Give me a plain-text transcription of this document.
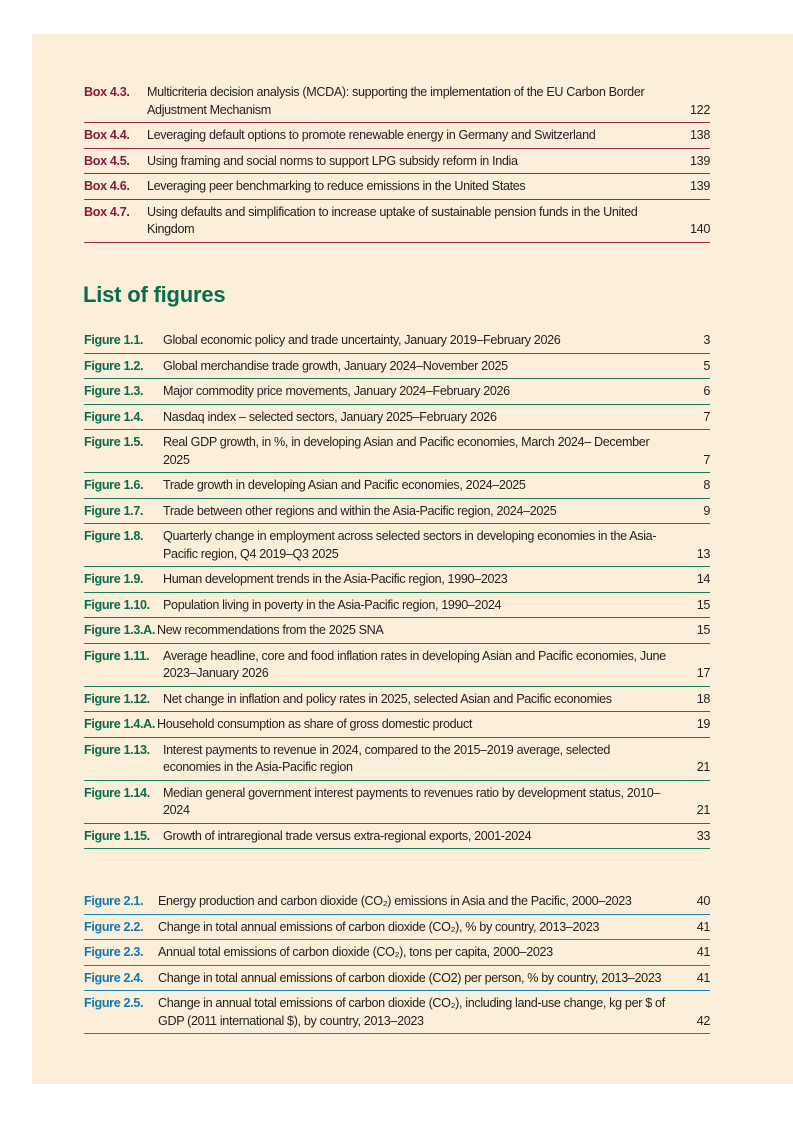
Box 4.3.	Multicriteria decision analysis (MCDA): supporting the implementation of the EU Carbon Border Adjustment Mechanism	122
Box 4.4.	Leveraging default options to promote renewable energy in Germany and Switzerland	138
Box 4.5.	Using framing and social norms to support LPG subsidy reform in India	139
Box 4.6.	Leveraging peer benchmarking to reduce emissions in the United States	139
Box 4.7.	Using defaults and simplification to increase uptake of sustainable pension funds in the United Kingdom	140
List of figures
Figure 1.1.	Global economic policy and trade uncertainty, January 2019–February 2026	3
Figure 1.2.	Global merchandise trade growth, January 2024–November 2025	5
Figure 1.3.	Major commodity price movements, January 2024–February 2026	6
Figure 1.4.	Nasdaq index – selected sectors, January 2025–February 2026	7
Figure 1.5.	Real GDP growth, in %, in developing Asian and Pacific economies, March 2024– December 2025	7
Figure 1.6.	Trade growth in developing Asian and Pacific economies, 2024–2025	8
Figure 1.7.	Trade between other regions and within the Asia-Pacific region, 2024–2025	9
Figure 1.8.	Quarterly change in employment across selected sectors in developing economies in the Asia-Pacific region, Q4 2019–Q3 2025	13
Figure 1.9.	Human development trends in the Asia-Pacific region, 1990–2023	14
Figure 1.10.	Population living in poverty in the Asia-Pacific region, 1990–2024	15
Figure 1.3.A. New recommendations from the 2025 SNA	15
Figure 1.11.	Average headline, core and food inflation rates in developing Asian and Pacific economies, June 2023–January 2026	17
Figure 1.12.	Net change in inflation and policy rates in 2025, selected Asian and Pacific economies	18
Figure 1.4.A. Household consumption as share of gross domestic product	19
Figure 1.13.	Interest payments to revenue in 2024, compared to the 2015–2019 average, selected economies in the Asia-Pacific region	21
Figure 1.14.	Median general government interest payments to revenues ratio by development status, 2010–2024	21
Figure 1.15.	Growth of intraregional trade versus extra-regional exports, 2001-2024	33
Figure 2.1.	Energy production and carbon dioxide (CO₂) emissions in Asia and the Pacific, 2000–2023	40
Figure 2.2.	Change in total annual emissions of carbon dioxide (CO₂), % by country, 2013–2023	41
Figure 2.3.	Annual total emissions of carbon dioxide (CO₂), tons per capita, 2000–2023	41
Figure 2.4.	Change in total annual emissions of carbon dioxide (CO2) per person, % by country, 2013–2023	41
Figure 2.5.	Change in annual total emissions of carbon dioxide (CO₂), including land-use change, kg per $ of GDP (2011 international $), by country, 2013–2023	42
